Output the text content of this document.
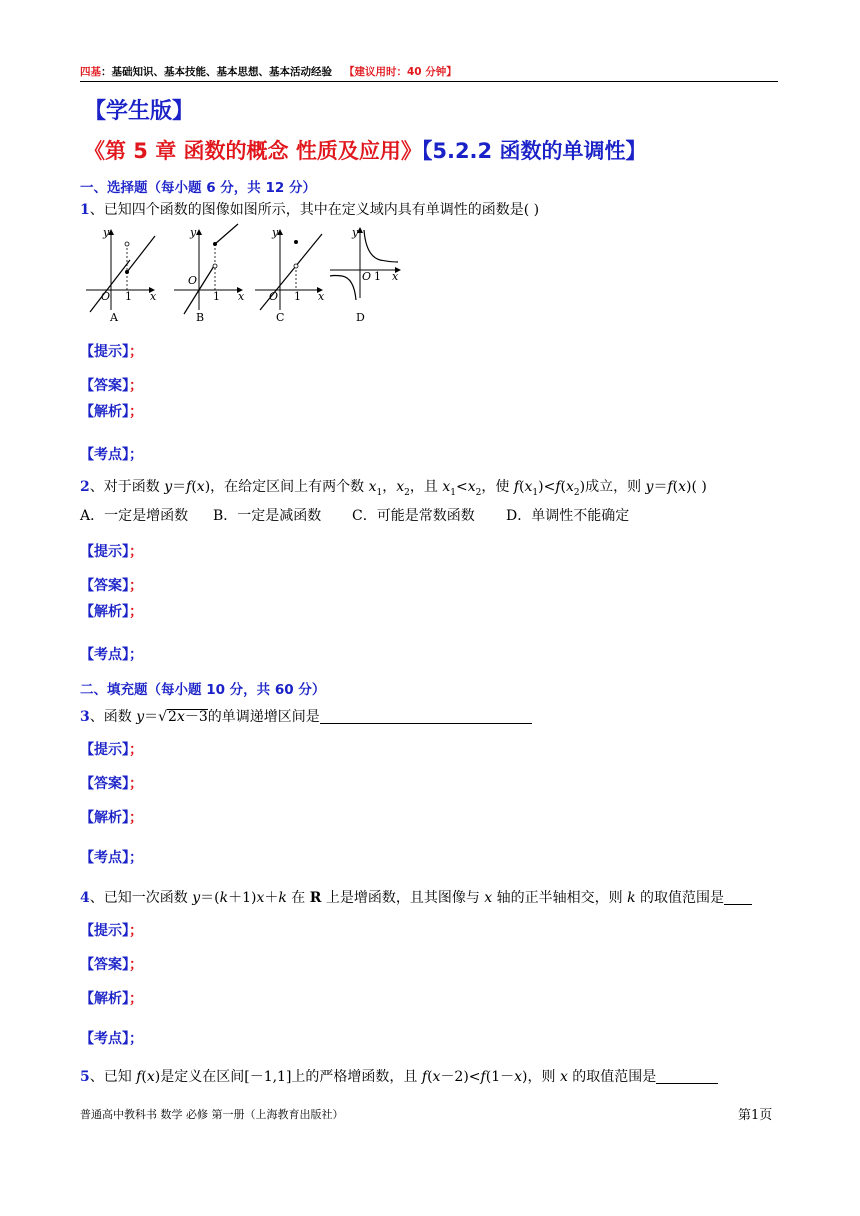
四基：基础知识、基本技能、基本思想、基本活动经验 【建议用时：40 分钟】
【学生版】
《第 5 章 函数的概念 性质及应用》【5.2.2 函数的单调性】
一、选择题（每小题 6 分，共 12 分）
1、已知四个函数的图像如图所示，其中在定义域内具有单调性的函数是( )
y
x
O 1
A
y
x
O
1
B
y
x
O 1
C
y
x
O 1
D
【提示】；
【答案】；
【解析】；
【考点】；
2、对于函数 y＝f(x)，在给定区间上有两个数 $x_1$，$x_2$，且 $x_1<x_2$，使 $f(x_1)<f(x_2)$成立，则 y＝f(x)( )
A．一定是增函数 B．一定是减函数 C．可能是常数函数 D．单调性不能确定
【提示】；
【答案】；
【解析】；
【考点】；
二、填充题（每小题 10 分，共 60 分）
3、函数 y＝√2x－3的单调递增区间是
【提示】；
【答案】；
【解析】；
【考点】；
4、已知一次函数 y＝(k＋1)x＋k 在 R 上是增函数，且其图像与 x 轴的正半轴相交，则 k 的取值范围是
【提示】；
【答案】；
【解析】；
【考点】；
5、已知 f(x)是定义在区间[－1,1]上的严格增函数，且 f(x－2)<f(1－x)，则 x 的取值范围是
普通高中教科书 数学 必修 第一册（上海教育出版社）	第1页
